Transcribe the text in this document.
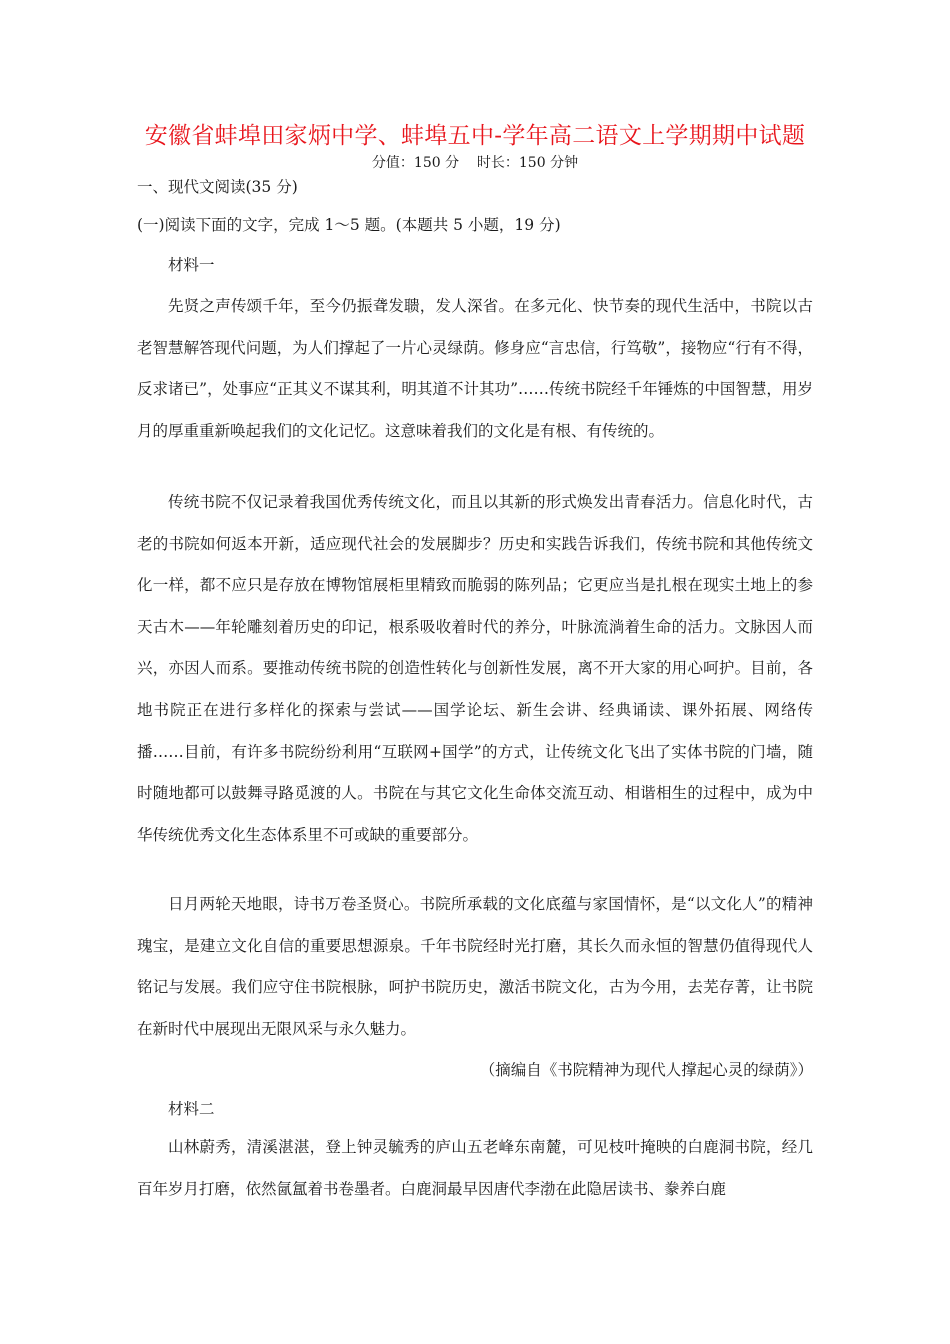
安徽省蚌埠田家炳中学、蚌埠五中-学年高二语文上学期期中试题
分值：150 分    时长：150 分钟
一、现代文阅读(35 分)
(一)阅读下面的文字，完成 1～5 题。(本题共 5 小题，19 分)
材料一

先贤之声传颂千年，至今仍振聋发聩，发人深省。在多元化、快节奏的现代生活中，书院以古老智慧解答现代问题，为人们撑起了一片心灵绿荫。修身应“言忠信，行笃敬”，接物应“行有不得，反求诸已”，处事应“正其义不谋其利，明其道不计其功”……传统书院经千年锤炼的中国智慧，用岁月的厚重重新唤起我们的文化记忆。这意味着我们的文化是有根、有传统的。

传统书院不仅记录着我国优秀传统文化，而且以其新的形式焕发出青春活力。信息化时代，古老的书院如何返本开新，适应现代社会的发展脚步？历史和实践告诉我们，传统书院和其他传统文化一样，都不应只是存放在博物馆展柜里精致而脆弱的陈列品；它更应当是扎根在现实土地上的参天古木——年轮雕刻着历史的印记，根系吸收着时代的养分，叶脉流淌着生命的活力。文脉因人而兴，亦因人而系。要推动传统书院的创造性转化与创新性发展，离不开大家的用心呵护。目前，各地书院正在进行多样化的探索与尝试——国学论坛、新生会讲、经典诵读、课外拓展、网络传播……目前，有许多书院纷纷利用“互联网+国学”的方式，让传统文化飞出了实体书院的门墙，随时随地都可以鼓舞寻路觅渡的人。书院在与其它文化生命体交流互动、相谐相生的过程中，成为中华传统优秀文化生态体系里不可或缺的重要部分。

日月两轮天地眼，诗书万卷圣贤心。书院所承载的文化底蕴与家国情怀，是“以文化人”的精神瑰宝，是建立文化自信的重要思想源泉。千年书院经时光打磨，其长久而永恒的智慧仍值得现代人铭记与发展。我们应守住书院根脉，呵护书院历史，激活书院文化，古为今用，去芜存菁，让书院在新时代中展现出无限风采与永久魅力。

（摘编自《书院精神为现代人撑起心灵的绿荫》）
材料二

山林蔚秀，清溪湛湛，登上钟灵毓秀的庐山五老峰东南麓，可见枝叶掩映的白鹿洞书院，经几百年岁月打磨，依然氤氲着书卷墨者。白鹿洞最早因唐代李渤在此隐居读书、豢养白鹿
